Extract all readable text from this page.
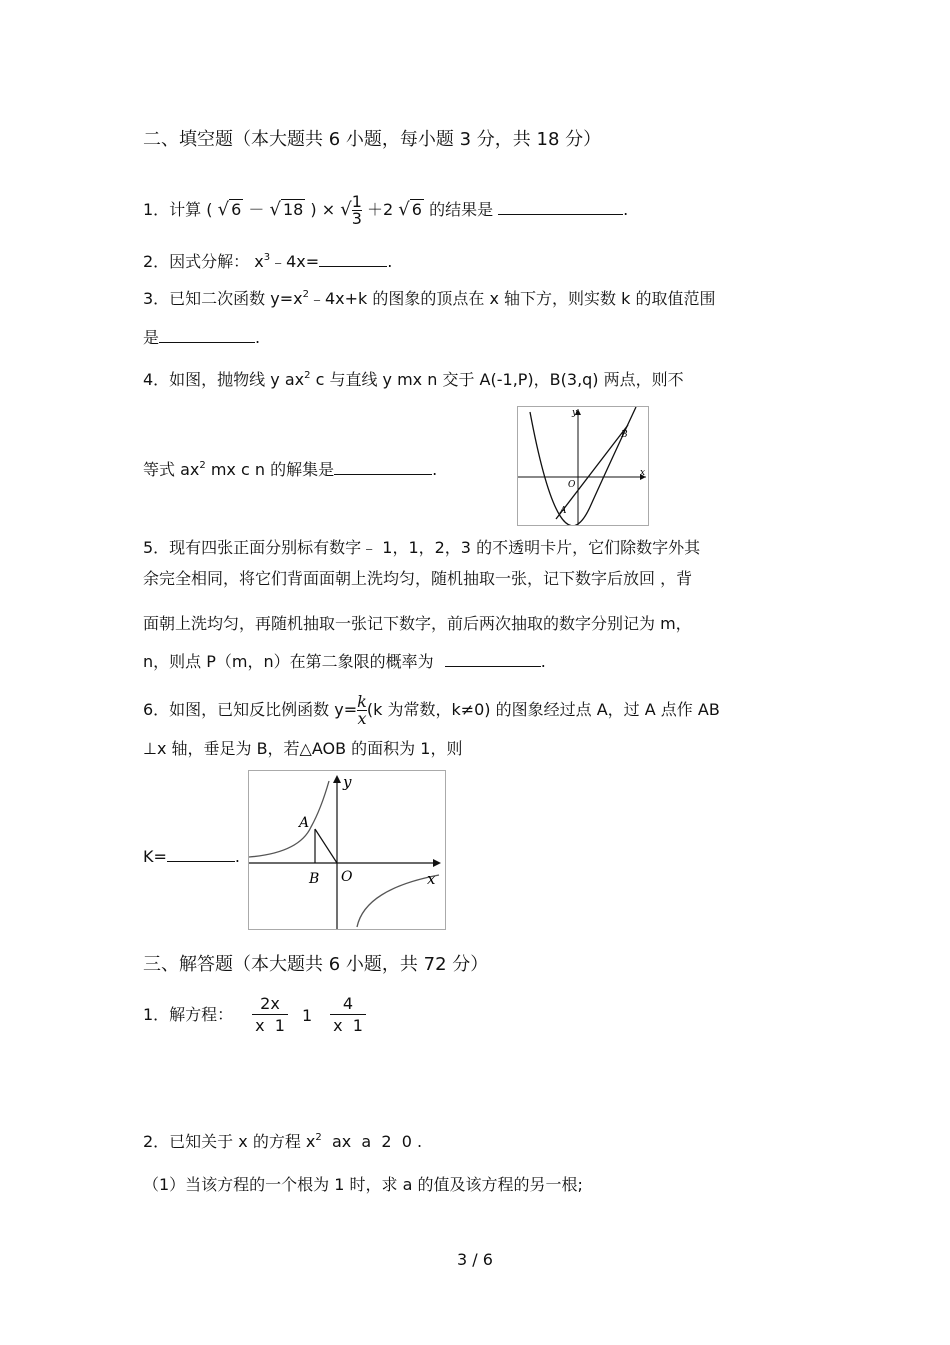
二、填空题（本大题共 6 小题，每小题 3 分，共 18 分）
1．计算 ( √ 6 － √ 18 ) × √ $\frac{1}{3} +2$ √ 6 的结果是	.
2．因式分解： $x^3﹣4x=$	.
3．已知二次函数 $y=x^2﹣4x+k$ 的图象的顶点在 x 轴下方，则实数 k 的取值范围
是	.
4．如图，抛物线 y $ax^2$ c 与直线 y mx n 交于 A(-1,P)，B(3,q) 两点，则不
等式 $ax^2$ mx c n 的解集是	.
y
x
O
A
B
5．现有四张正面分别标有数字﹣ 1，1，2，3 的不透明卡片，它们除数字外其
余完全相同，将它们背面面朝上洗均匀，随机抽取一张，记下数字后放回 ，背
面朝上洗均匀，再随机抽取一张记下数字，前后两次抽取的数字分别记为 m，
n，则点 P（m，n）在第二象限的概率为	.
6．如图，已知反比例函数 $y= \frac{k}{x} (k$ 为常数，k≠0) 的图象经过点 A，过 A 点作 AB
⊥x 轴，垂足为 B，若△AOB 的面积为 1，则
K=	.
y
x
O
A
B
三、解答题（本大题共 6 小题，共 72 分）
1．解方程：
2x
x  1
1
4
x  1
2．已知关于 x 的方程 $x^2$  ax  a  2  0 .
（1）当该方程的一个根为 1 时，求 a 的值及该方程的另一根;
3 / 6
